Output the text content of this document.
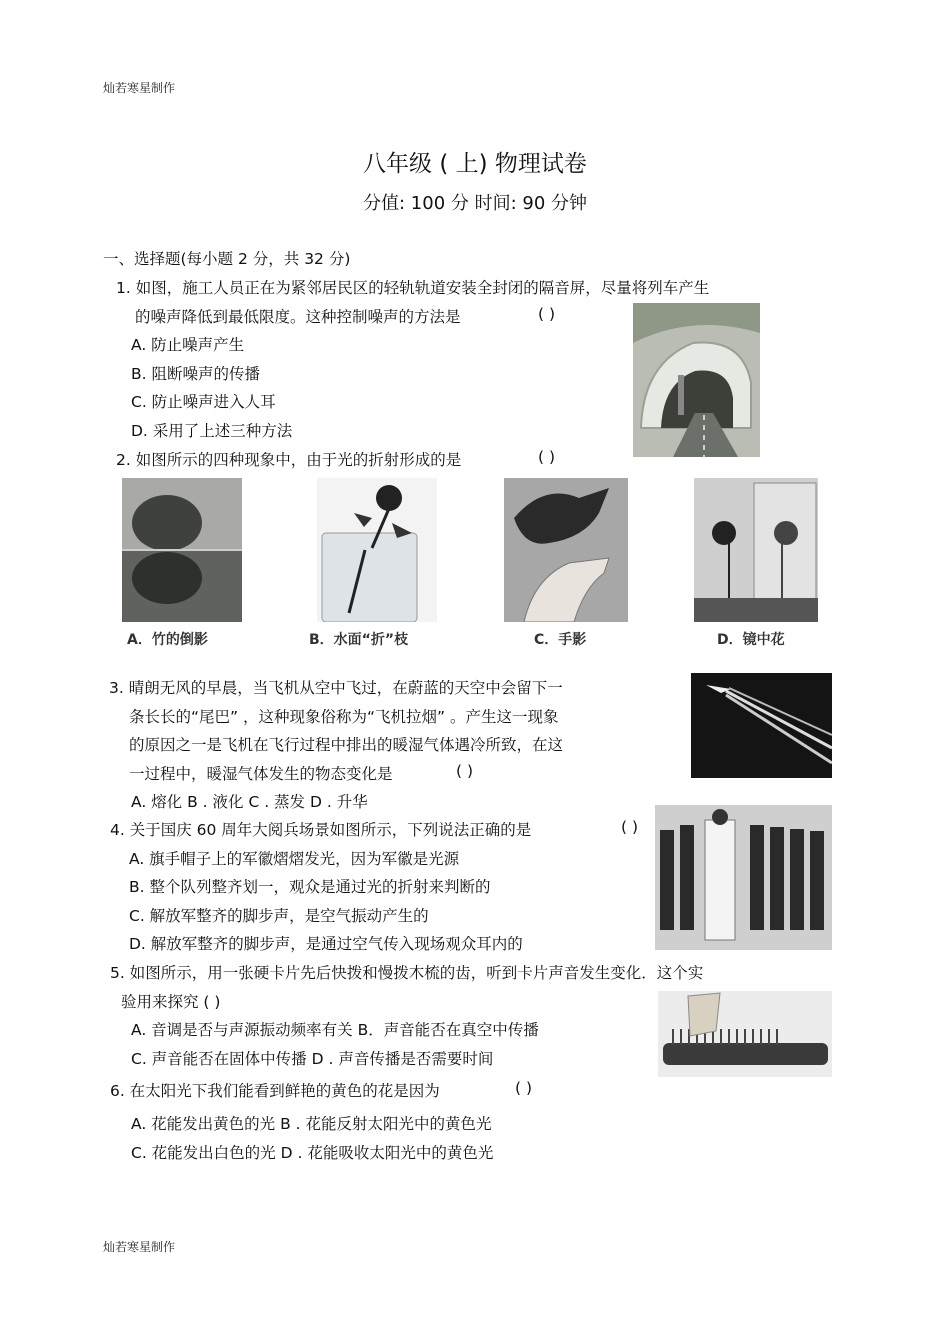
灿若寒星制作
灿若寒星制作
八年级 ( 上) 物理试卷
分值: 100 分 时间: 90 分钟
一、选择题(每小题 2 分，共 32 分)
1. 如图，施工人员正在为紧邻居民区的轻轨轨道安装全封闭的隔音屏，尽量将列车产生
的噪声降低到最低限度。这种控制噪声的方法是	( )
A. 防止噪声产生
B. 阻断噪声的传播
C. 防止噪声进入人耳
D. 采用了上述三种方法
2. 如图所示的四种现象中，由于光的折射形成的是	( )
A．竹的倒影	B．水面“折”枝	C．手影	D．镜中花
3. 晴朗无风的早晨，当飞机从空中飞过，在蔚蓝的天空中会留下一
条长长的“尾巴” ，这种现象俗称为“飞机拉烟” 。产生这一现象
的原因之一是飞机在飞行过程中排出的暖湿气体遇冷所致，在这
一过程中，暖湿气体发生的物态变化是	( )
A. 熔化 B . 液化 C . 蒸发 D . 升华
4. 关于国庆 60 周年大阅兵场景如图所示，下列说法正确的是	( )
A. 旗手帽子上的军徽熠熠发光，因为军徽是光源
B. 整个队列整齐划一，观众是通过光的折射来判断的
C. 解放军整齐的脚步声，是空气振动产生的
D. 解放军整齐的脚步声，是通过空气传入现场观众耳内的
5. 如图所示，用一张硬卡片先后快拨和慢拨木梳的齿，听到卡片声音发生变化．这个实
验用来探究 ( )
A. 音调是否与声源振动频率有关 B．声音能否在真空中传播
C. 声音能否在固体中传播 D . 声音传播是否需要时间
6. 在太阳光下我们能看到鲜艳的黄色的花是因为	( )
A. 花能发出黄色的光 B . 花能反射太阳光中的黄色光
C. 花能发出白色的光 D . 花能吸收太阳光中的黄色光
